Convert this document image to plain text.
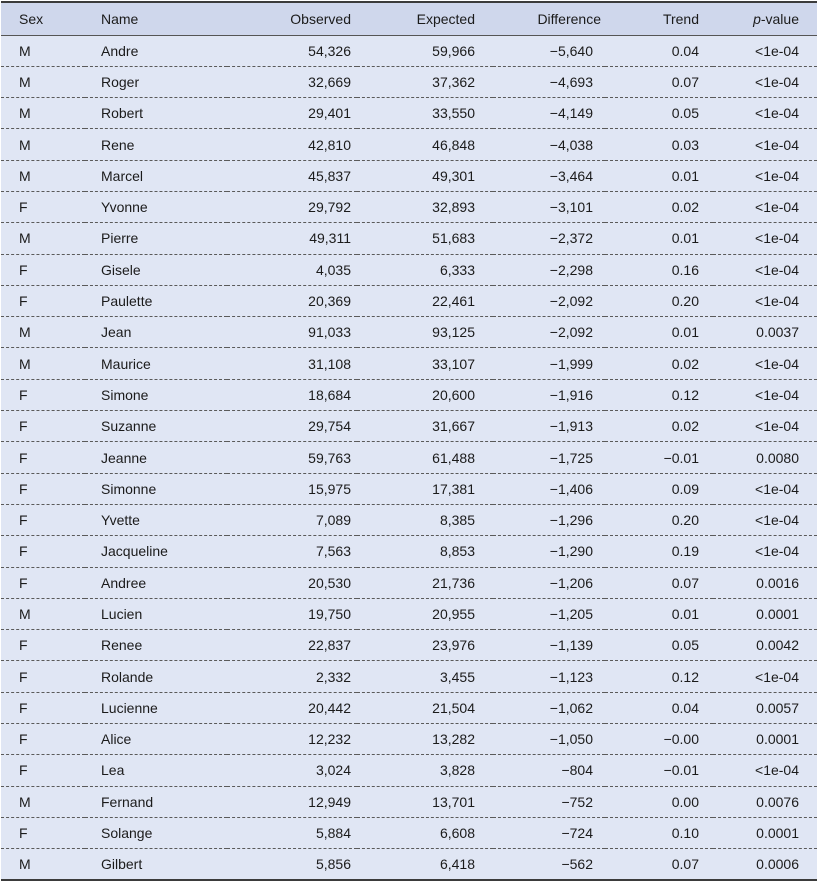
Sex	Name	Observed	Expected	Difference	Trend	p-value
M	Andre	54,326	59,966	−5,640	0.04	<1e-04
M	Roger	32,669	37,362	−4,693	0.07	<1e-04
M	Robert	29,401	33,550	−4,149	0.05	<1e-04
M	Rene	42,810	46,848	−4,038	0.03	<1e-04
M	Marcel	45,837	49,301	−3,464	0.01	<1e-04
F	Yvonne	29,792	32,893	−3,101	0.02	<1e-04
M	Pierre	49,311	51,683	−2,372	0.01	<1e-04
F	Gisele	4,035	6,333	−2,298	0.16	<1e-04
F	Paulette	20,369	22,461	−2,092	0.20	<1e-04
M	Jean	91,033	93,125	−2,092	0.01	0.0037
M	Maurice	31,108	33,107	−1,999	0.02	<1e-04
F	Simone	18,684	20,600	−1,916	0.12	<1e-04
F	Suzanne	29,754	31,667	−1,913	0.02	<1e-04
F	Jeanne	59,763	61,488	−1,725	−0.01	0.0080
F	Simonne	15,975	17,381	−1,406	0.09	<1e-04
F	Yvette	7,089	8,385	−1,296	0.20	<1e-04
F	Jacqueline	7,563	8,853	−1,290	0.19	<1e-04
F	Andree	20,530	21,736	−1,206	0.07	0.0016
M	Lucien	19,750	20,955	−1,205	0.01	0.0001
F	Renee	22,837	23,976	−1,139	0.05	0.0042
F	Rolande	2,332	3,455	−1,123	0.12	<1e-04
F	Lucienne	20,442	21,504	−1,062	0.04	0.0057
F	Alice	12,232	13,282	−1,050	−0.00	0.0001
F	Lea	3,024	3,828	−804	−0.01	<1e-04
M	Fernand	12,949	13,701	−752	0.00	0.0076
F	Solange	5,884	6,608	−724	0.10	0.0001
M	Gilbert	5,856	6,418	−562	0.07	0.0006
